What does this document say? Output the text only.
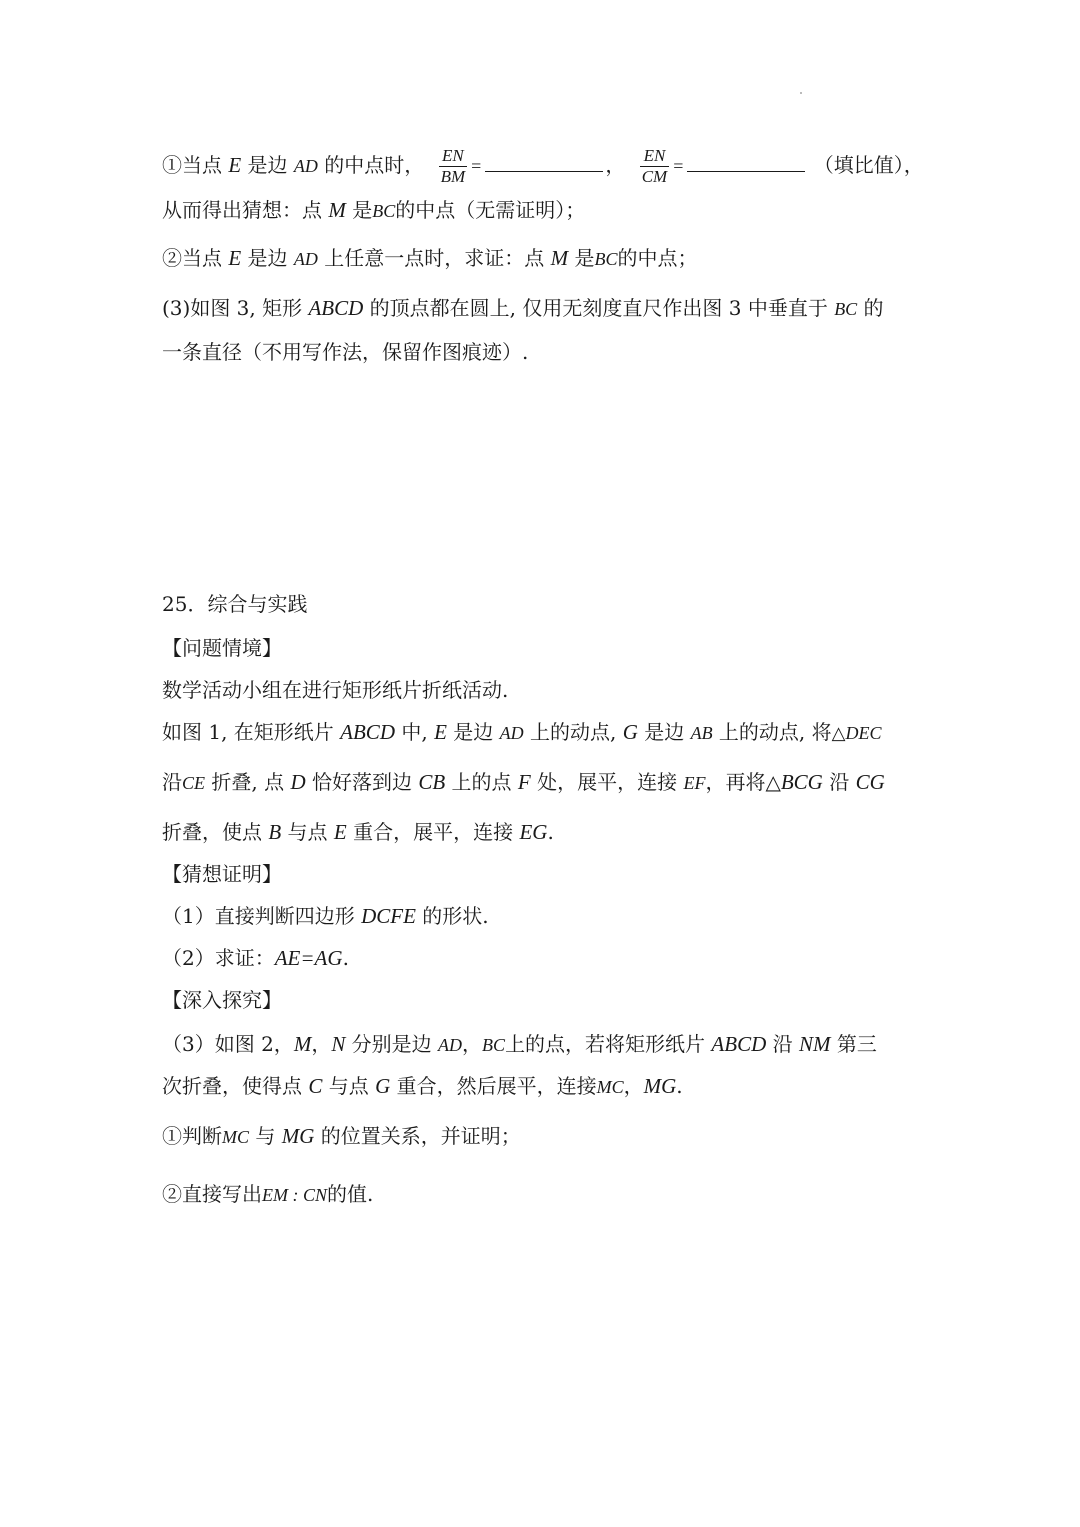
①当点 E 是边 AD 的中点时， $\frac{EN}{BM}$ =	， $\frac{EN}{CM}$ =	（填比值），
从而得出猜想：点 M 是BC的中点（无需证明）；
②当点 E 是边 AD 上任意一点时，求证：点 M 是BC的中点；
(3)如图 3, 矩形 ABCD 的顶点都在圆上, 仅用无刻度直尺作出图 3 中垂直于 BC 的
一条直径（不用写作法，保留作图痕迹）.
25．综合与实践
【问题情境】
数学活动小组在进行矩形纸片折纸活动.
如图 1, 在矩形纸片 ABCD 中, E 是边 AD 上的动点, G 是边 AB 上的动点, 将△DEC
沿CE 折叠, 点 D 恰好落到边 CB 上的点 F 处，展平，连接 EF，再将△BCG 沿 CG
折叠，使点 B 与点 E 重合，展平，连接 EG.
【猜想证明】
（1）直接判断四边形 DCFE 的形状.
（2）求证：AE=AG.
【深入探究】
（3）如图 2，M，N 分别是边 AD，BC上的点，若将矩形纸片 ABCD 沿 NM 第三
次折叠，使得点 C 与点 G 重合，然后展平，连接MC，MG.
①判断MC 与 MG 的位置关系，并证明；
②直接写出EM : CN的值.
